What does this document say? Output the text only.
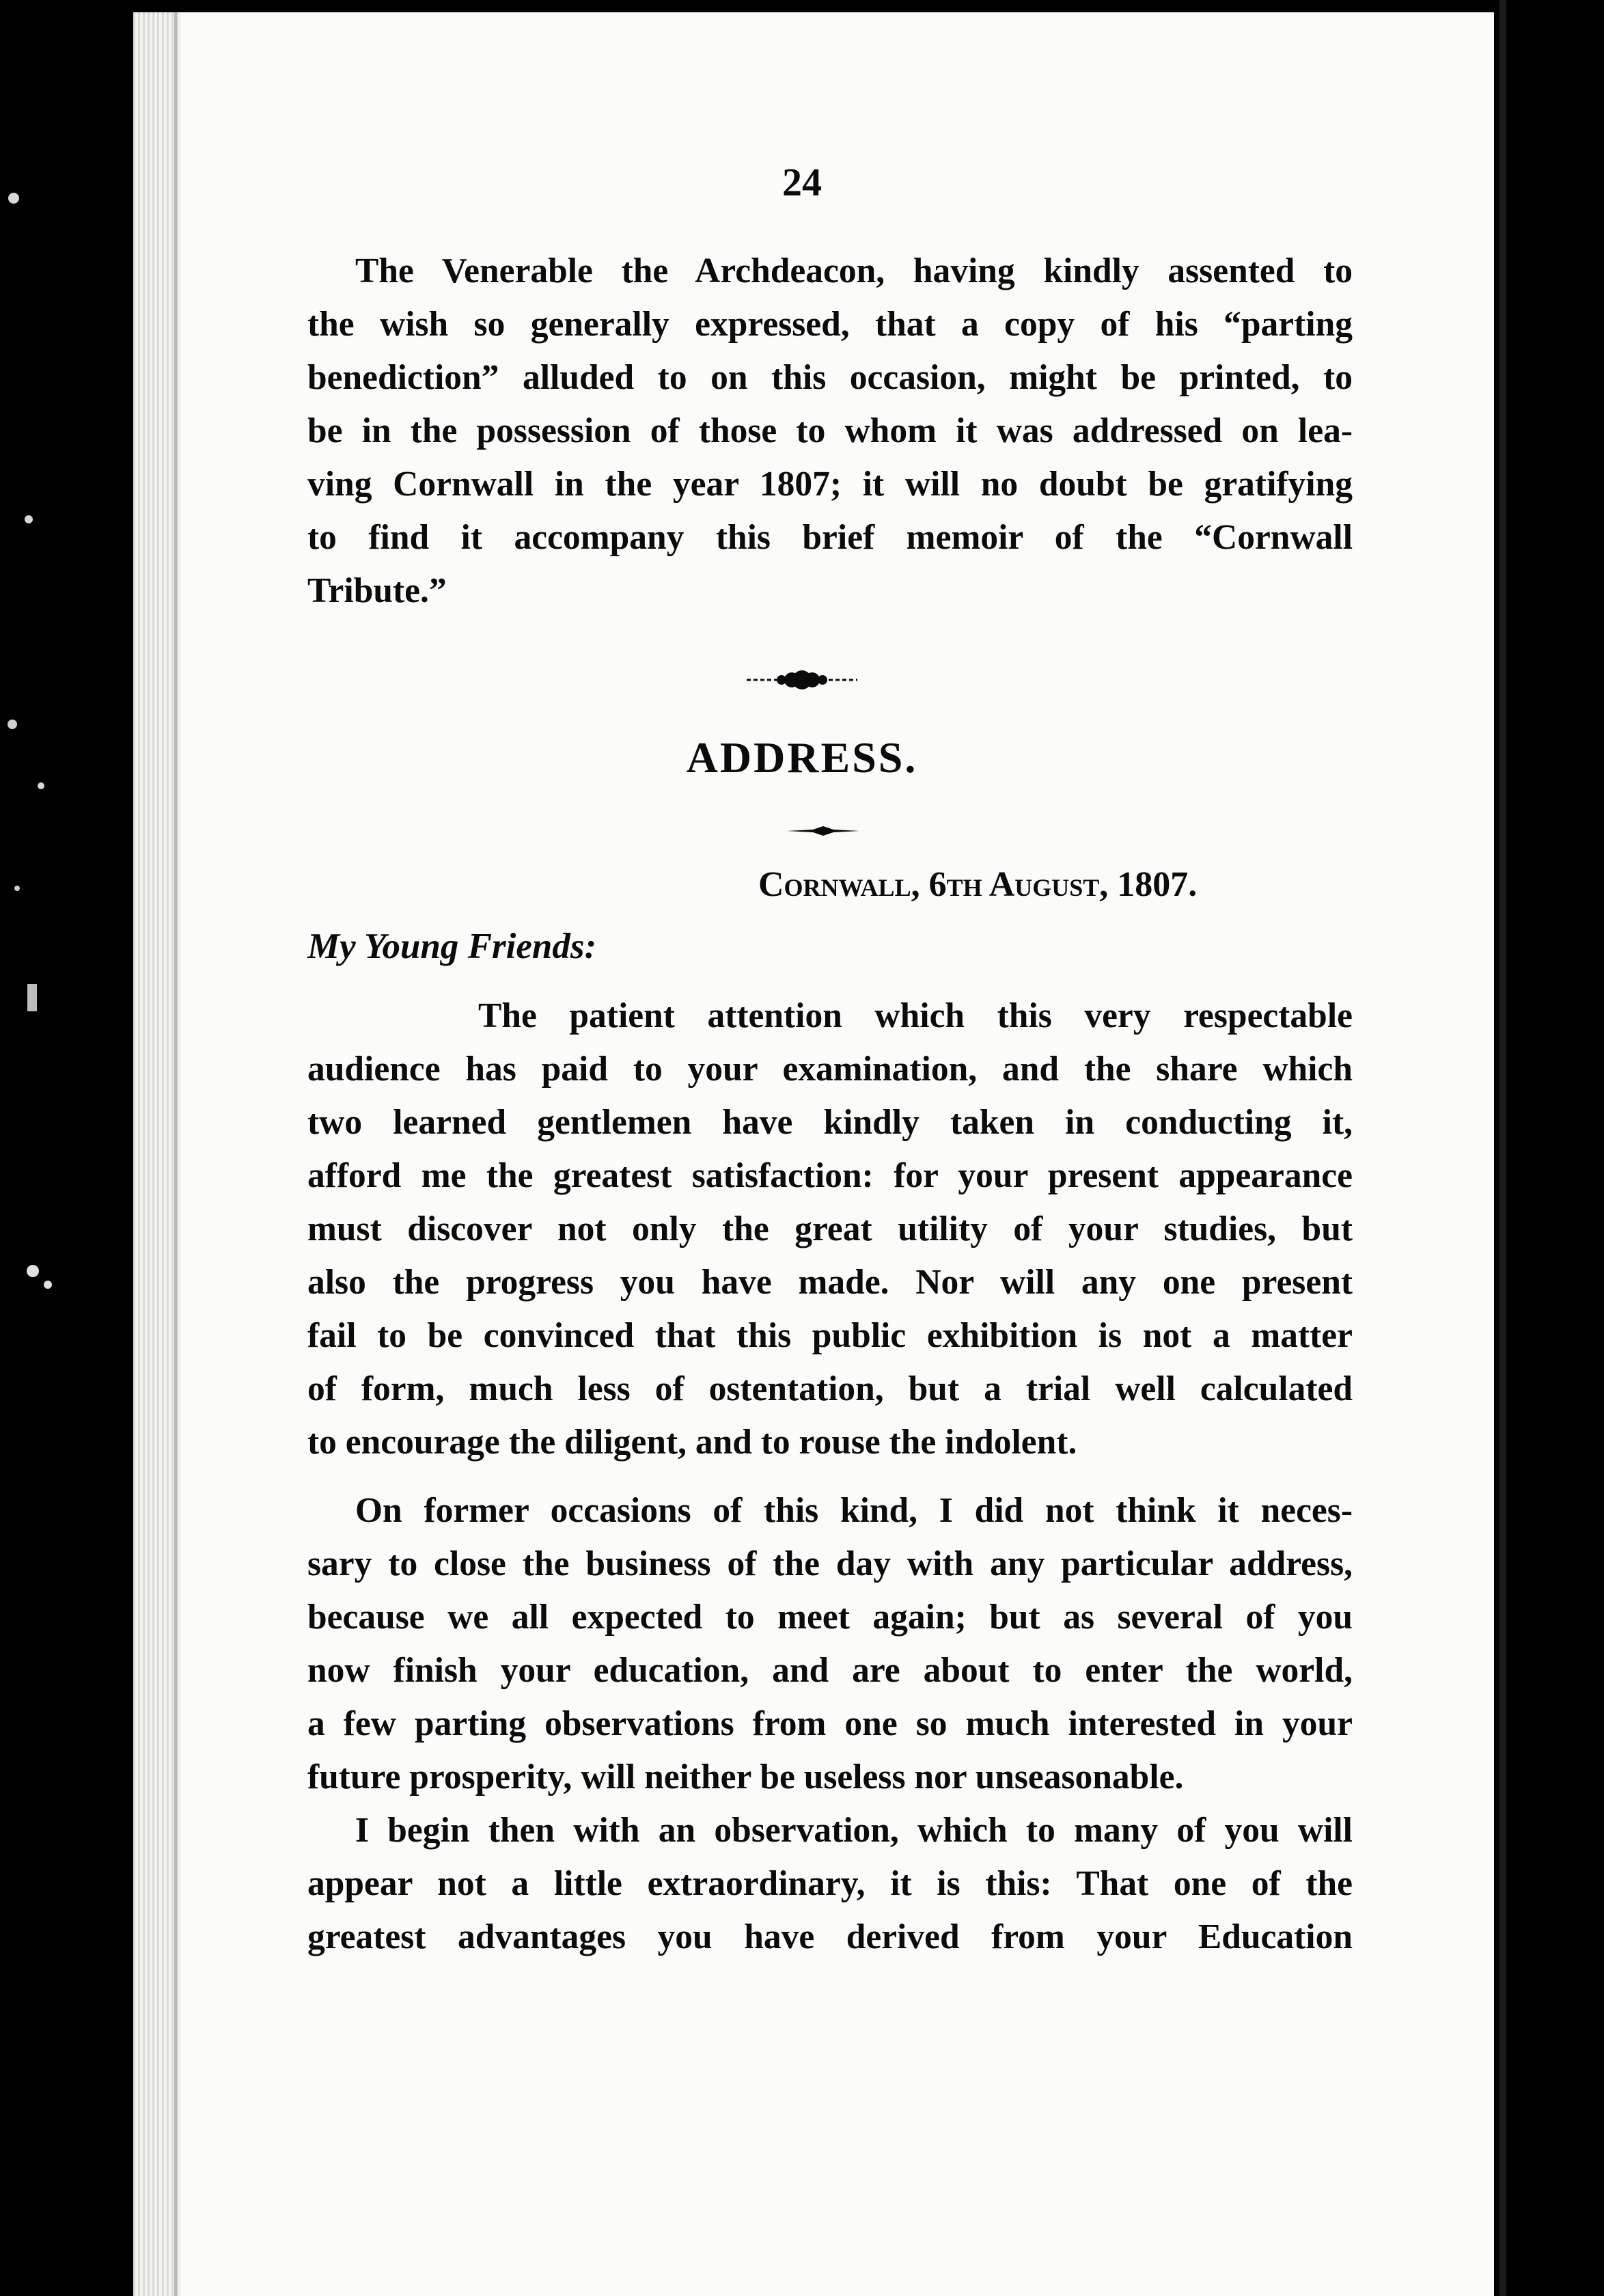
24
The Venerable the Archdeacon, having kindly assented to
the wish so generally expressed, that a copy of his “parting
benediction” alluded to on this occasion, might be printed, to
be in the possession of those to whom it was addressed on lea-
ving Cornwall in the year 1807; it will no doubt be gratifying
to find it accompany this brief memoir of the “Cornwall
Tribute.”
ADDRESS.
Cornwall, 6th August, 1807.
My Young Friends:
The patient attention which this very respectable
audience has paid to your examination, and the share which
two learned gentlemen have kindly taken in conducting it,
afford me the greatest satisfaction: for your present appearance
must discover not only the great utility of your studies, but
also the progress you have made. Nor will any one present
fail to be convinced that this public exhibition is not a matter
of form, much less of ostentation, but a trial well calculated
to encourage the diligent, and to rouse the indolent.
On former occasions of this kind, I did not think it neces-
sary to close the business of the day with any particular address,
because we all expected to meet again; but as several of you
now finish your education, and are about to enter the world,
a few parting observations from one so much interested in your
future prosperity, will neither be useless nor unseasonable.
I begin then with an observation, which to many of you will
appear not a little extraordinary, it is this: That one of the
greatest advantages you have derived from your Education
